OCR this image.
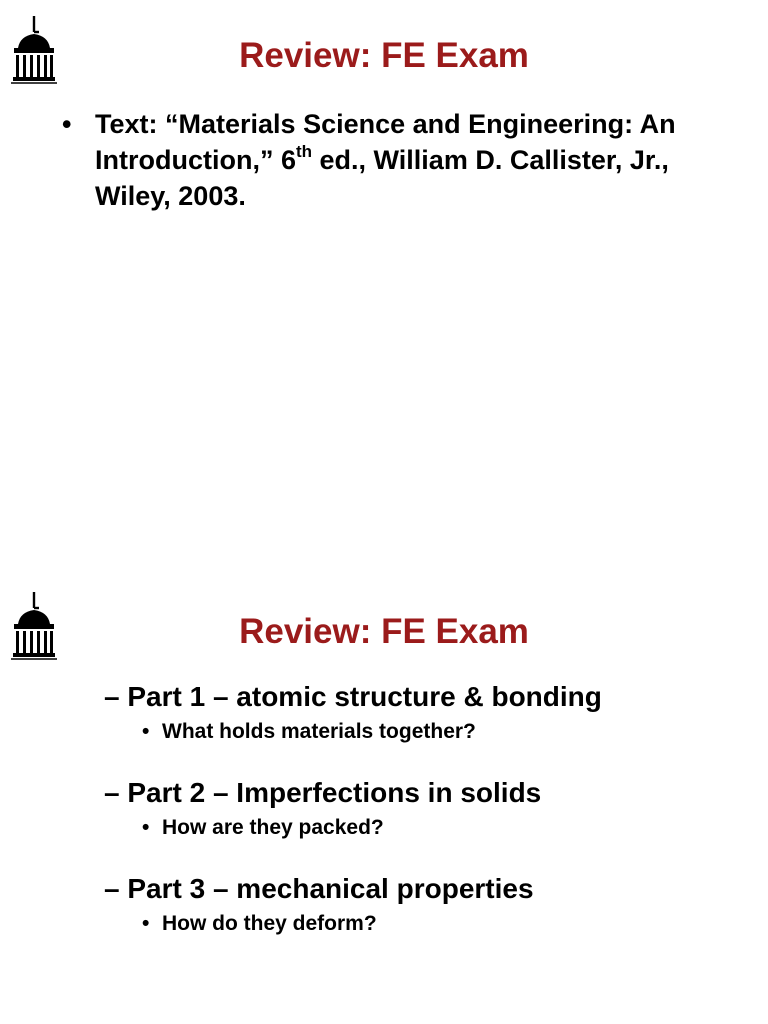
Review: FE Exam
• Text: “Materials Science and Engineering: An Introduction,” 6th ed., William D. Callister, Jr., Wiley, 2003.
Review: FE Exam
– Part 1 – atomic structure & bonding
• What holds materials together?
– Part 2 – Imperfections in solids
• How are they packed?
– Part 3 – mechanical properties
• How do they deform?
